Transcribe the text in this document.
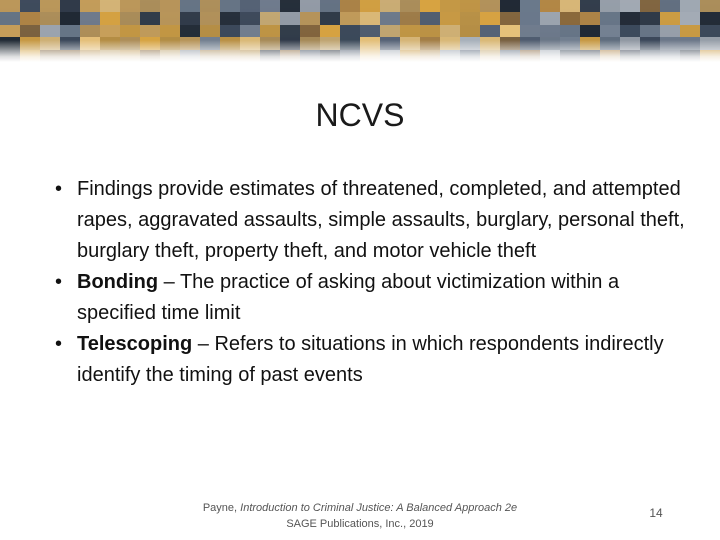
NCVS
• Findings provide estimates of threatened, completed, and attempted rapes, aggravated assaults, simple assaults, burglary, personal theft, burglary theft, property theft, and motor vehicle theft
• Bonding – The practice of asking about victimization within a specified time limit
• Telescoping – Refers to situations in which respondents indirectly identify the timing of past events
Payne, Introduction to Criminal Justice: A Balanced Approach 2e
SAGE Publications, Inc., 2019
14
